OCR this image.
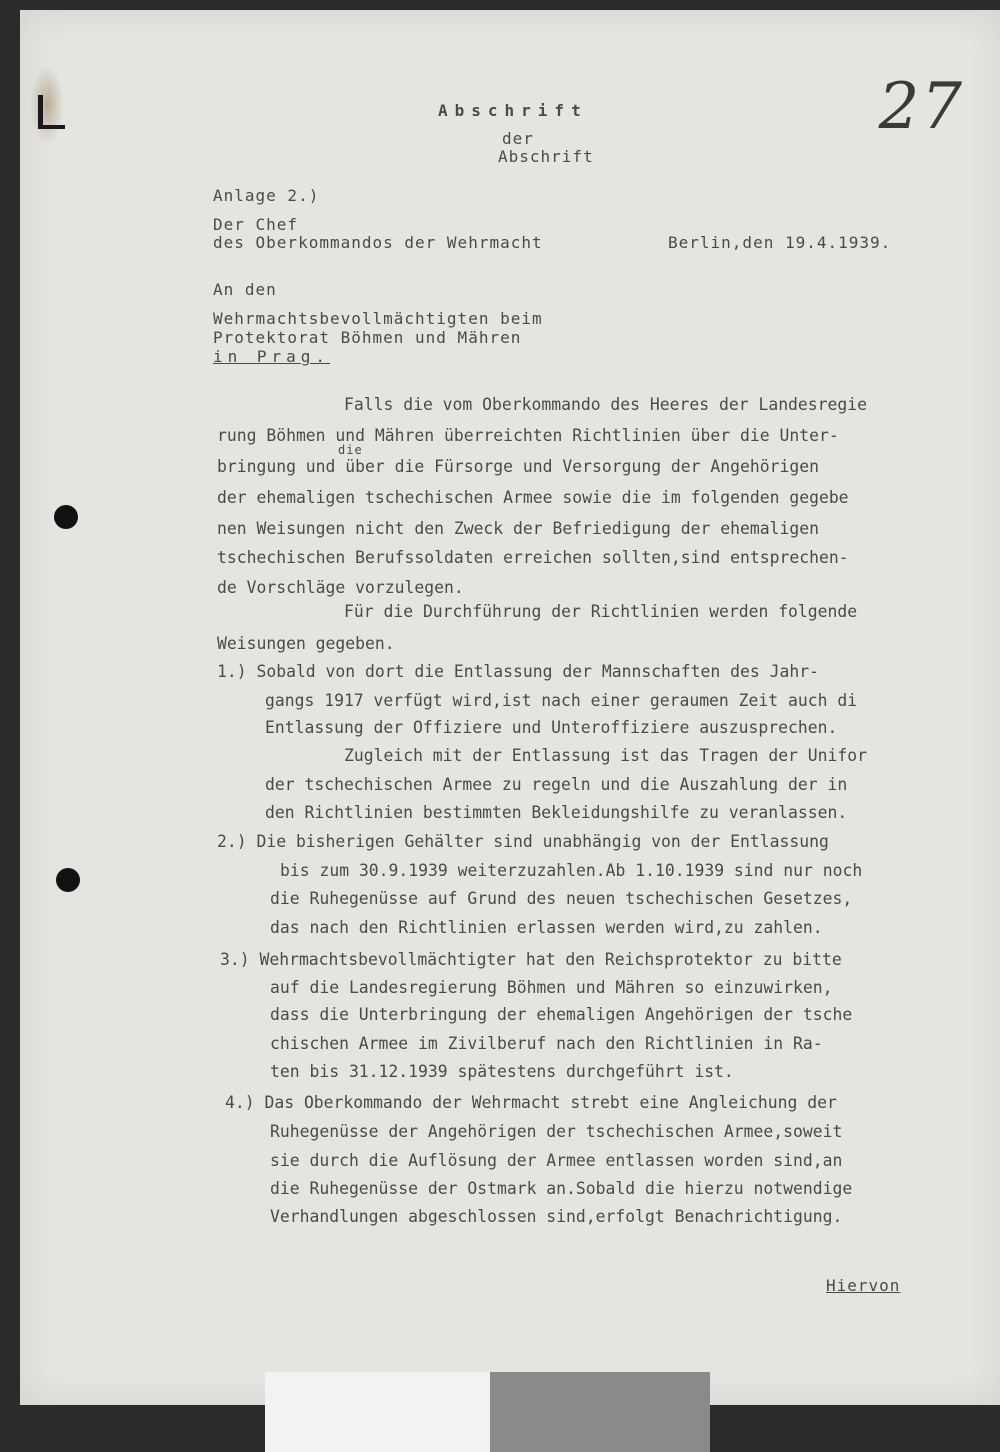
27
Abschrift
der
Abschrift
Anlage 2.)
Der Chef
des Oberkommandos der Wehrmacht	Berlin,den 19.4.1939.
An den
Wehrmachtsbevollmächtigten beim
Protektorat Böhmen und Mähren
in Prag.
Falls die vom Oberkommando des Heeres der Landesregie
rung Böhmen und Mähren überreichten Richtlinien über die Unter-
die
bringung und über die Fürsorge und Versorgung der Angehörigen
der ehemaligen tschechischen Armee sowie die im folgenden gegebe
nen Weisungen nicht den Zweck der Befriedigung der ehemaligen
tschechischen Berufssoldaten erreichen sollten,sind entsprechen-
de Vorschläge vorzulegen.
Für die Durchführung der Richtlinien werden folgende
Weisungen gegeben.
1.) Sobald von dort die Entlassung der Mannschaften des Jahr-
gangs 1917 verfügt wird,ist nach einer geraumen Zeit auch di
Entlassung der Offiziere und Unteroffiziere auszusprechen.
Zugleich mit der Entlassung ist das Tragen der Unifor
der tschechischen Armee zu regeln und die Auszahlung der in
den Richtlinien bestimmten Bekleidungshilfe zu veranlassen.
2.) Die bisherigen Gehälter sind unabhängig von der Entlassung
bis zum 30.9.1939 weiterzuzahlen.Ab 1.10.1939 sind nur noch
die Ruhegenüsse auf Grund des neuen tschechischen Gesetzes,
das nach den Richtlinien erlassen werden wird,zu zahlen.
3.) Wehrmachtsbevollmächtigter hat den Reichsprotektor zu bitte
auf die Landesregierung Böhmen und Mähren so einzuwirken,
dass die Unterbringung der ehemaligen Angehörigen der tsche
chischen Armee im Zivilberuf nach den Richtlinien in Ra-
ten bis 31.12.1939 spätestens durchgeführt ist.
4.) Das Oberkommando der Wehrmacht strebt eine Angleichung der
Ruhegenüsse der Angehörigen der tschechischen Armee,soweit
sie durch die Auflösung der Armee entlassen worden sind,an
die Ruhegenüsse der Ostmark an.Sobald die hierzu notwendige
Verhandlungen abgeschlossen sind,erfolgt Benachrichtigung.
Hiervon
